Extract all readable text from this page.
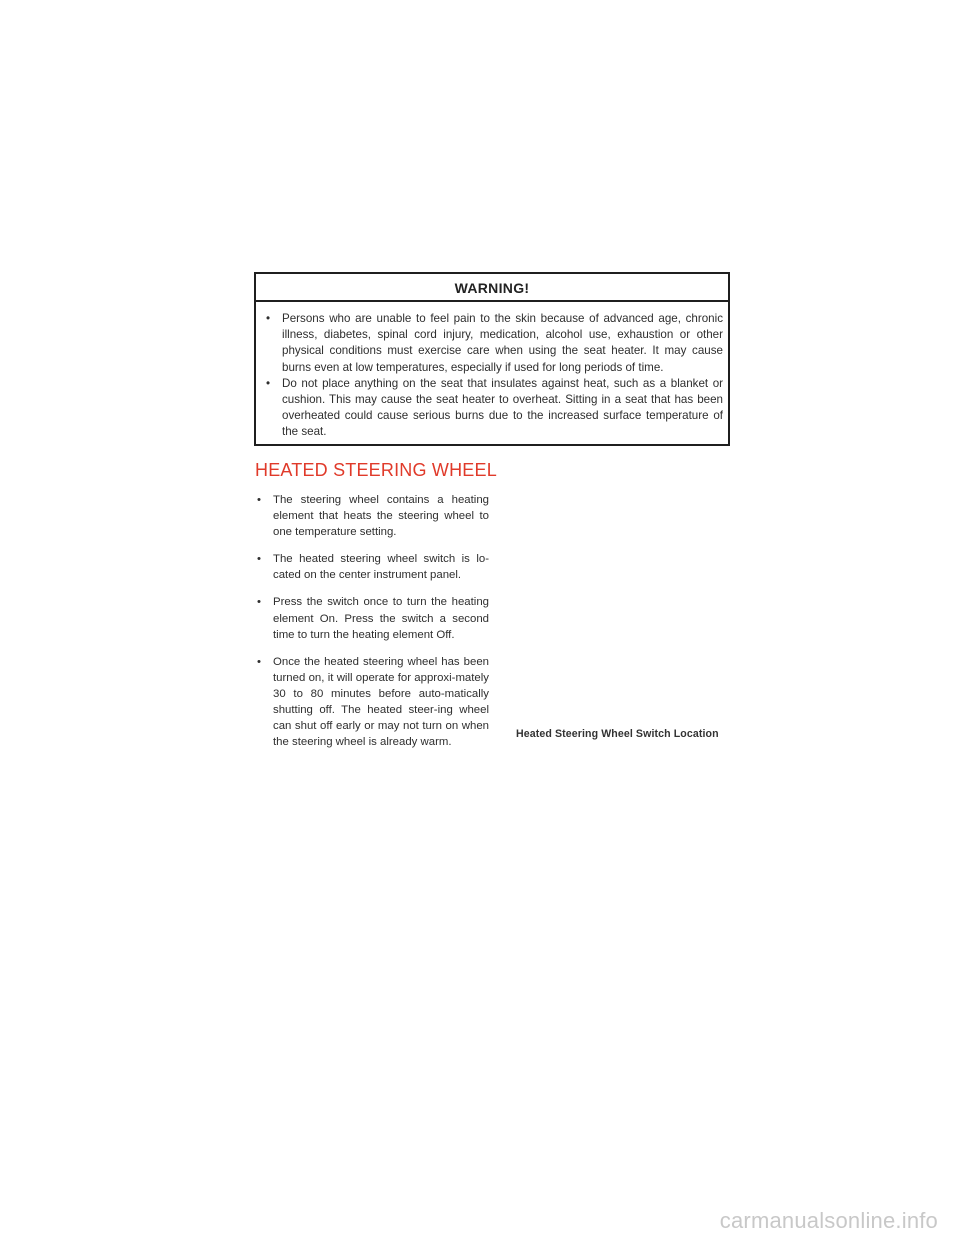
WARNING!
• Persons who are unable to feel pain to the skin because of advanced age, chronic illness, diabetes, spinal cord injury, medication, alcohol use, exhaustion or other physical conditions must exercise care when using the seat heater. It may cause burns even at low temperatures, especially if used for long periods of time.
• Do not place anything on the seat that insulates against heat, such as a blanket or cushion. This may cause the seat heater to overheat. Sitting in a seat that has been overheated could cause serious burns due to the increased surface temperature of the seat.
HEATED STEERING WHEEL
• The steering wheel contains a heating element that heats the steering wheel to one temperature setting.
• The heated steering wheel switch is lo-cated on the center instrument panel.
• Press the switch once to turn the heating element On. Press the switch a second time to turn the heating element Off.
• Once the heated steering wheel has been turned on, it will operate for approxi-mately 30 to 80 minutes before auto-matically shutting off. The heated steer-ing wheel can shut off early or may not turn on when the steering wheel is already warm.
Heated Steering Wheel Switch Location
carmanualsonline.info
